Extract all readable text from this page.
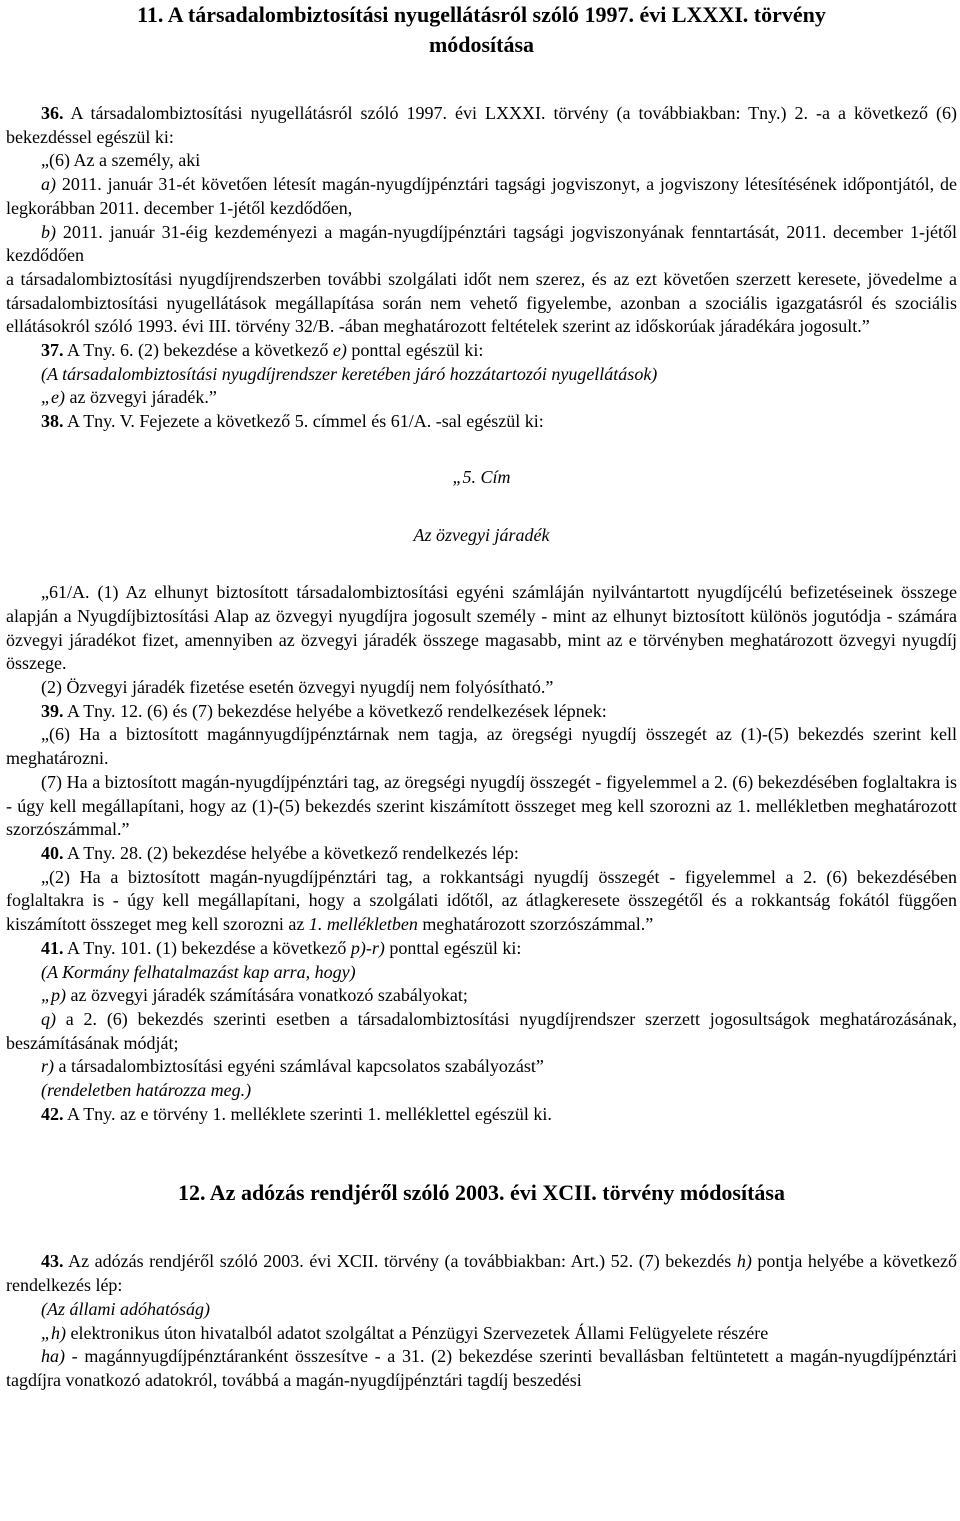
11. A társadalombiztosítási nyugellátásról szóló 1997. évi LXXXI. törvény
módosítása

36. A társadalombiztosítási nyugellátásról szóló 1997. évi LXXXI. törvény (a továbbiakban: Tny.) 2. -a a következő (6) bekezdéssel egészül ki:

„(6) Az a személy, aki

a) 2011. január 31-ét követően létesít magán-nyugdíjpénztári tagsági jogviszonyt, a jogviszony létesítésének időpontjától, de legkorábban 2011. december 1-jétől kezdődően,

b) 2011. január 31-éig kezdeményezi a magán-nyugdíjpénztári tagsági jogviszonyának fenntartását, 2011. december 1-jétől kezdődően

a társadalombiztosítási nyugdíjrendszerben további szolgálati időt nem szerez, és az ezt követően szerzett keresete, jövedelme a társadalombiztosítási nyugellátások megállapítása során nem vehető figyelembe, azonban a szociális igazgatásról és szociális ellátásokról szóló 1993. évi III. törvény 32/B. -ában meghatározott feltételek szerint az időskorúak járadékára jogosult.”

37. A Tny. 6. (2) bekezdése a következő e) ponttal egészül ki:

(A társadalombiztosítási nyugdíjrendszer keretében járó hozzátartozói nyugellátások)

„e) az özvegyi járadék.”

38. A Tny. V. Fejezete a következő 5. címmel és 61/A. -sal egészül ki:

„5. Cím

Az özvegyi járadék

„61/A. (1) Az elhunyt biztosított társadalombiztosítási egyéni számláján nyilvántartott nyugdíjcélú befizetéseinek összege alapján a Nyugdíjbiztosítási Alap az özvegyi nyugdíjra jogosult személy - mint az elhunyt biztosított különös jogutódja - számára özvegyi járadékot fizet, amennyiben az özvegyi járadék összege magasabb, mint az e törvényben meghatározott özvegyi nyugdíj összege.

(2) Özvegyi járadék fizetése esetén özvegyi nyugdíj nem folyósítható.”

39. A Tny. 12. (6) és (7) bekezdése helyébe a következő rendelkezések lépnek:

„(6) Ha a biztosított magánnyugdíjpénztárnak nem tagja, az öregségi nyugdíj összegét az (1)-(5) bekezdés szerint kell meghatározni.

(7) Ha a biztosított magán-nyugdíjpénztári tag, az öregségi nyugdíj összegét - figyelemmel a 2. (6) bekezdésében foglaltakra is - úgy kell megállapítani, hogy az (1)-(5) bekezdés szerint kiszámított összeget meg kell szorozni az 1. mellékletben meghatározott szorzószámmal.”

40. A Tny. 28. (2) bekezdése helyébe a következő rendelkezés lép:

„(2) Ha a biztosított magán-nyugdíjpénztári tag, a rokkantsági nyugdíj összegét - figyelemmel a 2. (6) bekezdésében foglaltakra is - úgy kell megállapítani, hogy a szolgálati időtől, az átlagkeresete összegétől és a rokkantság fokától függően kiszámított összeget meg kell szorozni az 1. mellékletben meghatározott szorzószámmal.”

41. A Tny. 101. (1) bekezdése a következő p)-r) ponttal egészül ki:

(A Kormány felhatalmazást kap arra, hogy)

„p) az özvegyi járadék számítására vonatkozó szabályokat;

q) a 2. (6) bekezdés szerinti esetben a társadalombiztosítási nyugdíjrendszer szerzett jogosultságok meghatározásának, beszámításának módját;

r) a társadalombiztosítási egyéni számlával kapcsolatos szabályozást”

(rendeletben határozza meg.)

42. A Tny. az e törvény 1. melléklete szerinti 1. melléklettel egészül ki.

12. Az adózás rendjéről szóló 2003. évi XCII. törvény módosítása

43. Az adózás rendjéről szóló 2003. évi XCII. törvény (a továbbiakban: Art.) 52. (7) bekezdés h) pontja helyébe a következő rendelkezés lép:

(Az állami adóhatóság)

„h) elektronikus úton hivatalból adatot szolgáltat a Pénzügyi Szervezetek Állami Felügyelete részére

ha) - magánnyugdíjpénztáranként összesítve - a 31. (2) bekezdése szerinti bevallásban feltüntetett a magán-nyugdíjpénztári tagdíjra vonatkozó adatokról, továbbá a magán-nyugdíjpénztári tagdíj beszedési
